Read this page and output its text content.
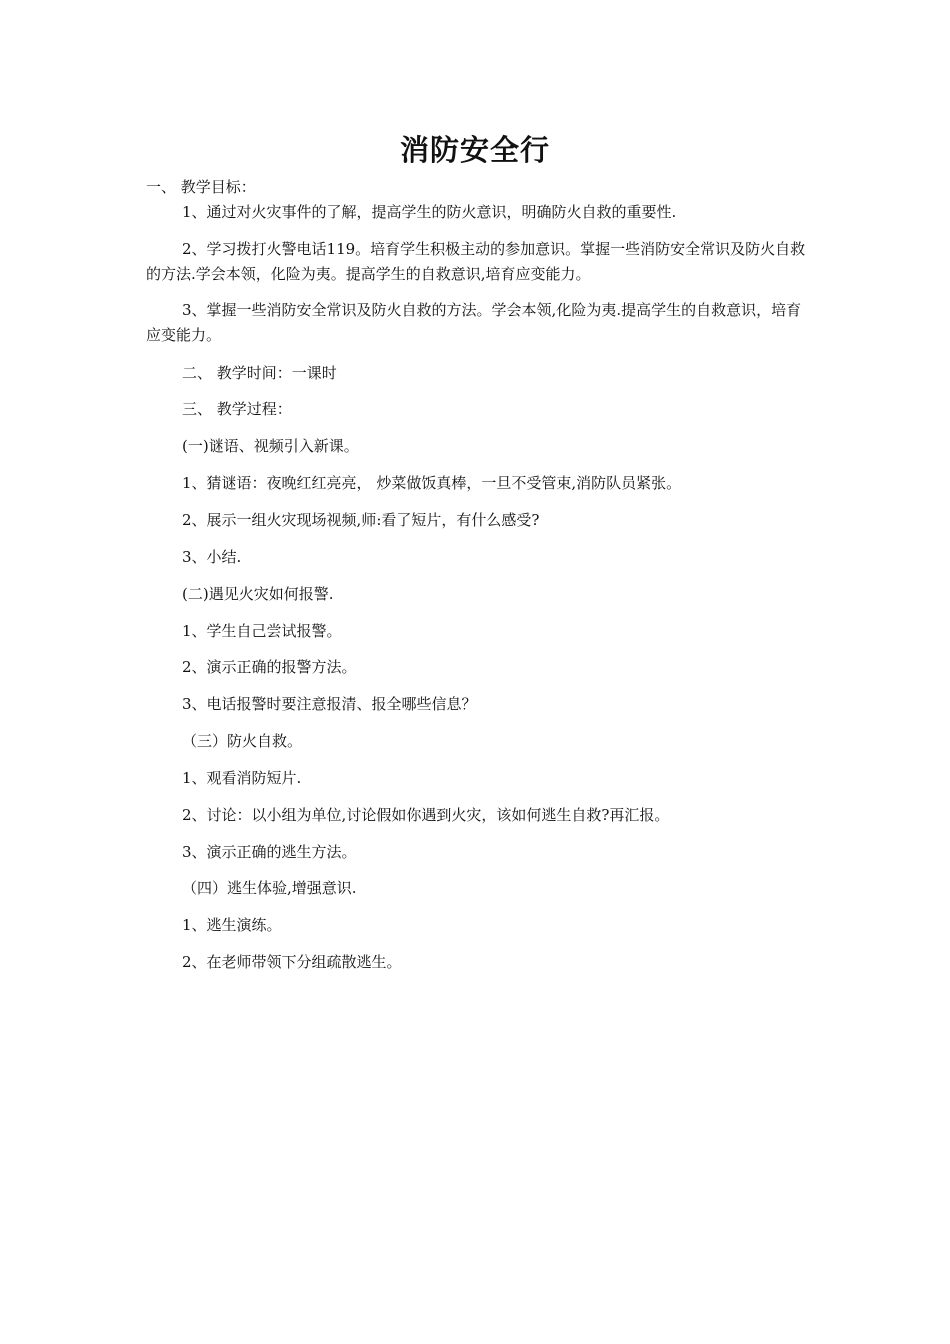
消防安全行
一、 教学目标：
1、通过对火灾事件的了解，提高学生的防火意识，明确防火自救的重要性.
2、学习拨打火警电话119。培育学生积极主动的参加意识。掌握一些消防安全常识及防火自救的方法.学会本领，化险为夷。提高学生的自救意识,培育应变能力。
3、掌握一些消防安全常识及防火自救的方法。学会本领,化险为夷.提高学生的自救意识，培育应变能力。
二、 教学时间：一课时
三、 教学过程：
(一)谜语、视频引入新课。
1、猜谜语：夜晚红红亮亮， 炒菜做饭真棒，一旦不受管束,消防队员紧张。
2、展示一组火灾现场视频,师:看了短片，有什么感受?
3、小结.
(二)遇见火灾如何报警.
1、学生自己尝试报警。
2、演示正确的报警方法。
3、电话报警时要注意报清、报全哪些信息？
（三）防火自救。
1、观看消防短片.
2、讨论：以小组为单位,讨论假如你遇到火灾，该如何逃生自救?再汇报。
3、演示正确的逃生方法。
（四）逃生体验,增强意识.
1、逃生演练。
2、在老师带领下分组疏散逃生。
